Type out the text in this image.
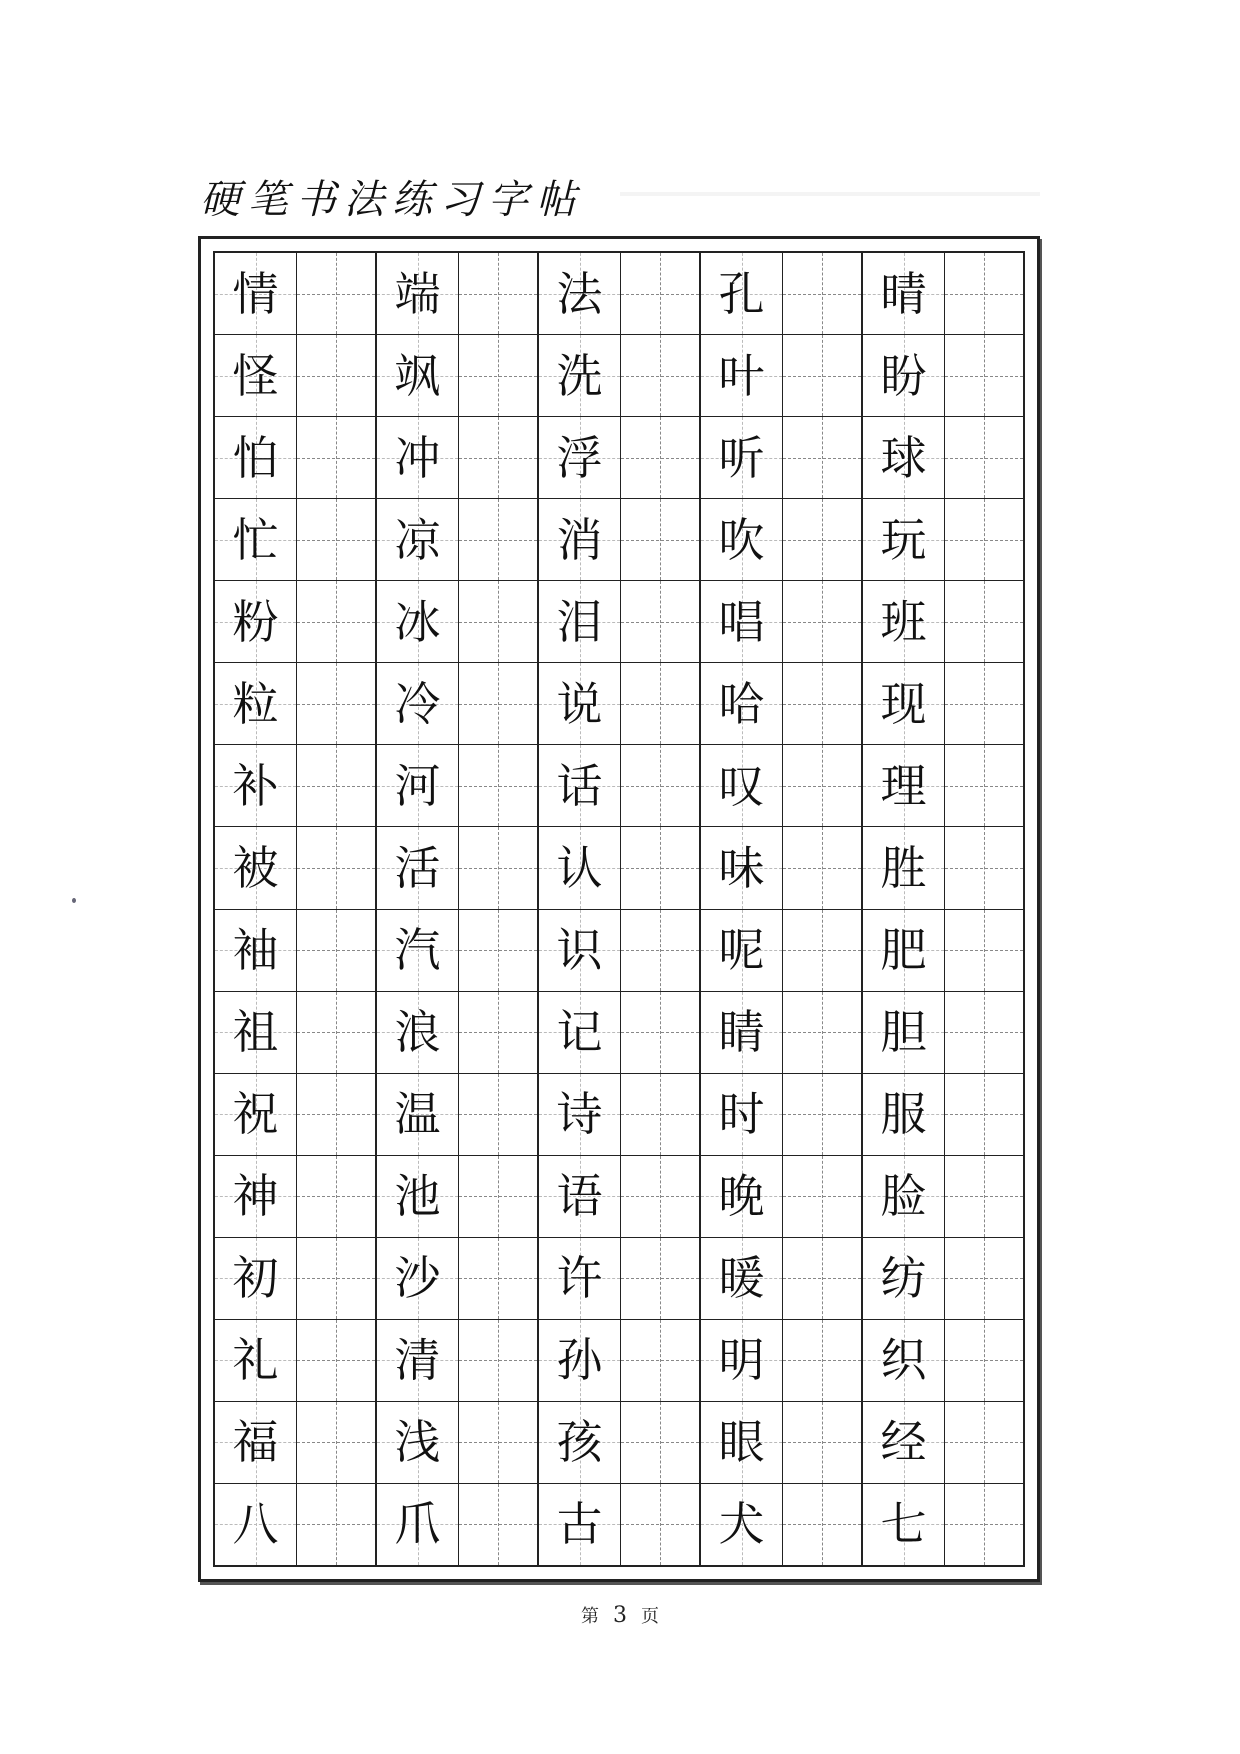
硬笔书法练习字帖
情
怪
怕
忙
粉
粒
补
被
袖
祖
祝
神
初
礼
福
八
端
飒
冲
凉
冰
冷
河
活
汽
浪
温
池
沙
清
浅
爪
法
洗
浮
消
泪
说
话
认
识
记
诗
语
许
孙
孩
古
孔
叶
听
吹
唱
哈
叹
味
呢
睛
时
晚
暖
明
眼
犬
晴
盼
球
玩
班
现
理
胜
肥
胆
服
脸
纺
织
经
七
第 3 页
